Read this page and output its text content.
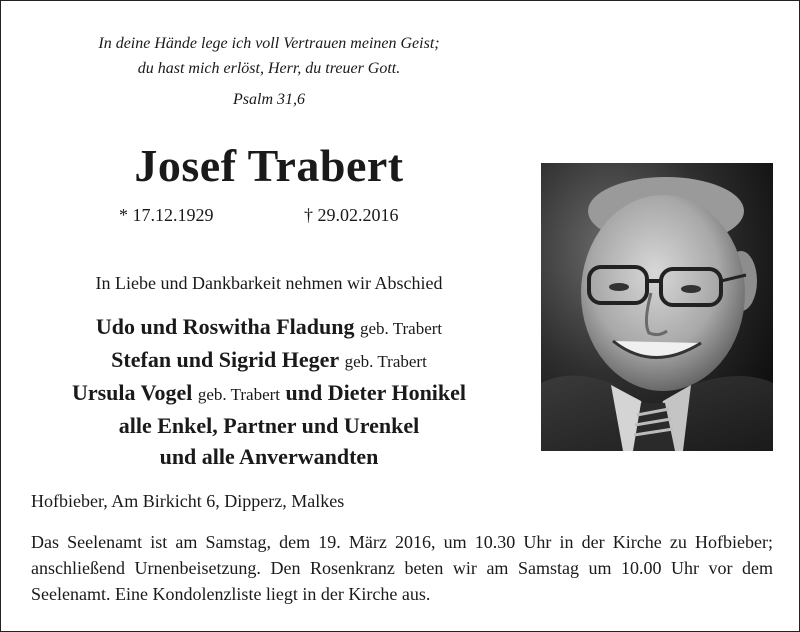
In deine Hände lege ich voll Vertrauen meinen Geist;
du hast mich erlöst, Herr, du treuer Gott.
Psalm 31,6
Josef Trabert
* 17.12.1929	† 29.02.2016
In Liebe und Dankbarkeit nehmen wir Abschied
Udo und Roswitha Fladung geb. Trabert
Stefan und Sigrid Heger geb. Trabert
Ursula Vogel geb. Trabert und Dieter Honikel
alle Enkel, Partner und Urenkel
und alle Anverwandten
Hofbieber, Am Birkicht 6, Dipperz, Malkes
Das Seelenamt ist am Samstag, dem 19. März 2016, um 10.30 Uhr in der Kirche zu Hofbieber; anschließend Urnenbeisetzung. Den Rosenkranz beten wir am Samstag um 10.00 Uhr vor dem Seelenamt. Eine Kondolenzliste liegt in der Kirche aus.
